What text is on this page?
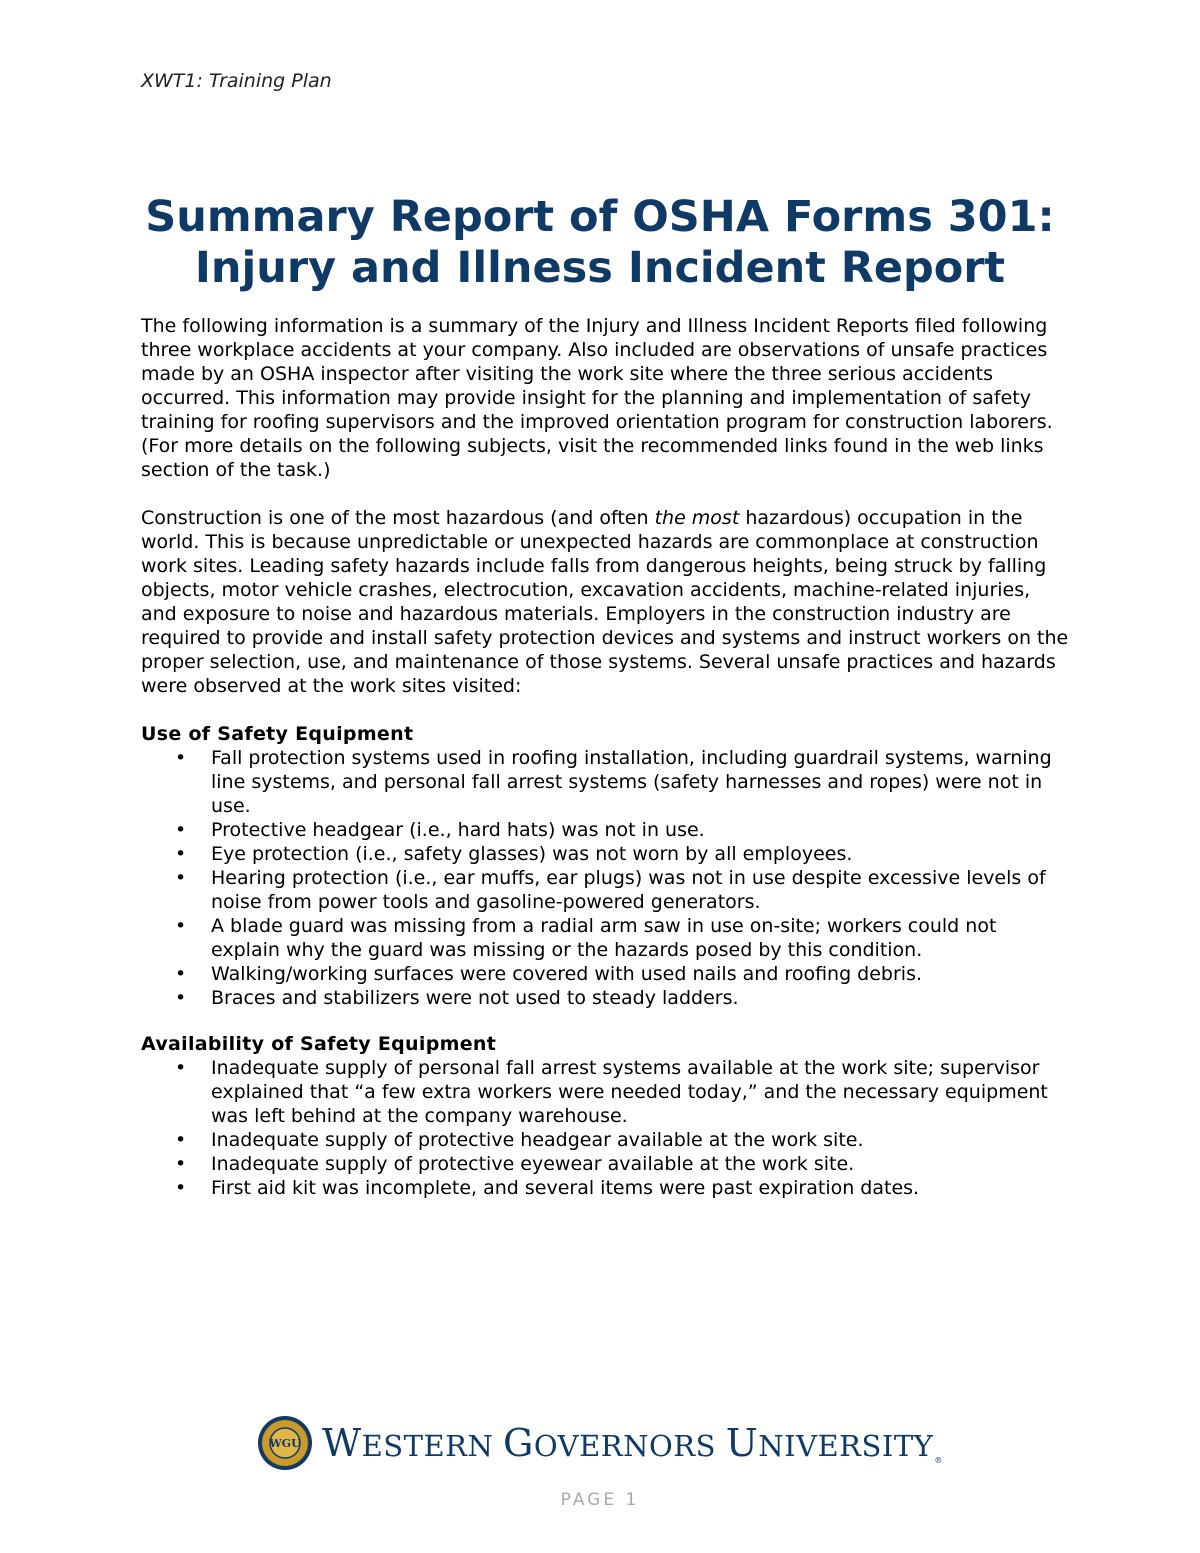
XWT1: Training Plan
Summary Report of OSHA Forms 301:
Injury and Illness Incident Report

The following information is a summary of the Injury and Illness Incident Reports filed following three workplace accidents at your company. Also included are observations of unsafe practices made by an OSHA inspector after visiting the work site where the three serious accidents occurred. This information may provide insight for the planning and implementation of safety training for roofing supervisors and the improved orientation program for construction laborers. (For more details on the following subjects, visit the recommended links found in the web links section of the task.)

Construction is one of the most hazardous (and often the most hazardous) occupation in the world. This is because unpredictable or unexpected hazards are commonplace at construction work sites. Leading safety hazards include falls from dangerous heights, being struck by falling objects, motor vehicle crashes, electrocution, excavation accidents, machine-related injuries, and exposure to noise and hazardous materials. Employers in the construction industry are required to provide and install safety protection devices and systems and instruct workers on the proper selection, use, and maintenance of those systems. Several unsafe practices and hazards were observed at the work sites visited:

Use of Safety Equipment
• Fall protection systems used in roofing installation, including guardrail systems, warning line systems, and personal fall arrest systems (safety harnesses and ropes) were not in use.
• Protective headgear (i.e., hard hats) was not in use.
• Eye protection (i.e., safety glasses) was not worn by all employees.
• Hearing protection (i.e., ear muffs, ear plugs) was not in use despite excessive levels of noise from power tools and gasoline-powered generators.
• A blade guard was missing from a radial arm saw in use on-site; workers could not explain why the guard was missing or the hazards posed by this condition.
• Walking/working surfaces were covered with used nails and roofing debris.
• Braces and stabilizers were not used to steady ladders.
Availability of Safety Equipment
• Inadequate supply of personal fall arrest systems available at the work site; supervisor explained that “a few extra workers were needed today,” and the necessary equipment was left behind at the company warehouse.
• Inadequate supply of protective headgear available at the work site.
• Inadequate supply of protective eyewear available at the work site.
• First aid kit was incomplete, and several items were past expiration dates.
WGU WESTERN GOVERNORS UNIVERSITY®
PAGE 1
